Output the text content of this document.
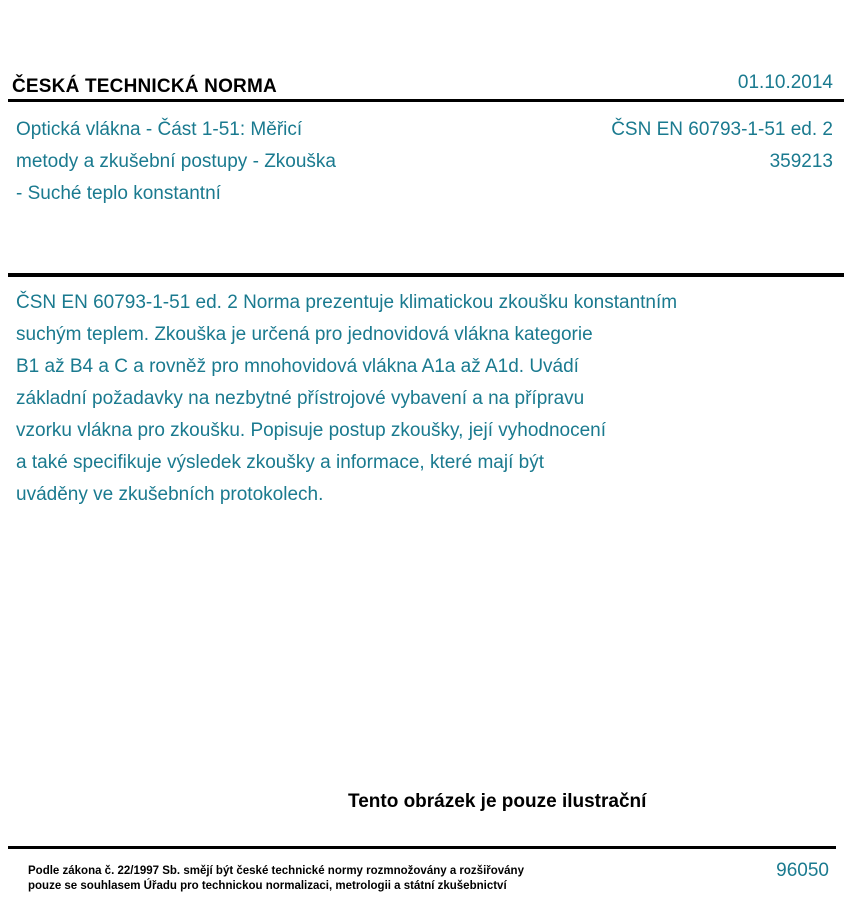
ČESKÁ TECHNICKÁ NORMA	01.10.2014
Optická vlákna - Část 1-51: Měřicí
metody a zkušební postupy - Zkouška
- Suché teplo konstantní
ČSN EN 60793-1-51 ed. 2
359213
ČSN EN 60793-1-51 ed. 2 Norma prezentuje klimatickou zkoušku konstantním
suchým teplem. Zkouška je určená pro jednovidová vlákna kategorie
B1 až B4 a C a rovněž pro mnohovidová vlákna A1a až A1d. Uvádí
základní požadavky na nezbytné přístrojové vybavení a na přípravu
vzorku vlákna pro zkoušku. Popisuje postup zkoušky, její vyhodnocení
a také specifikuje výsledek zkoušky a informace, které mají být
uváděny ve zkušebních protokolech.
Tento obrázek je pouze ilustrační
Podle zákona č. 22/1997 Sb. smějí být české technické normy rozmnožovány a rozšiřovány
pouze se souhlasem Úřadu pro technickou normalizaci, metrologii a státní zkušebnictví
96050
